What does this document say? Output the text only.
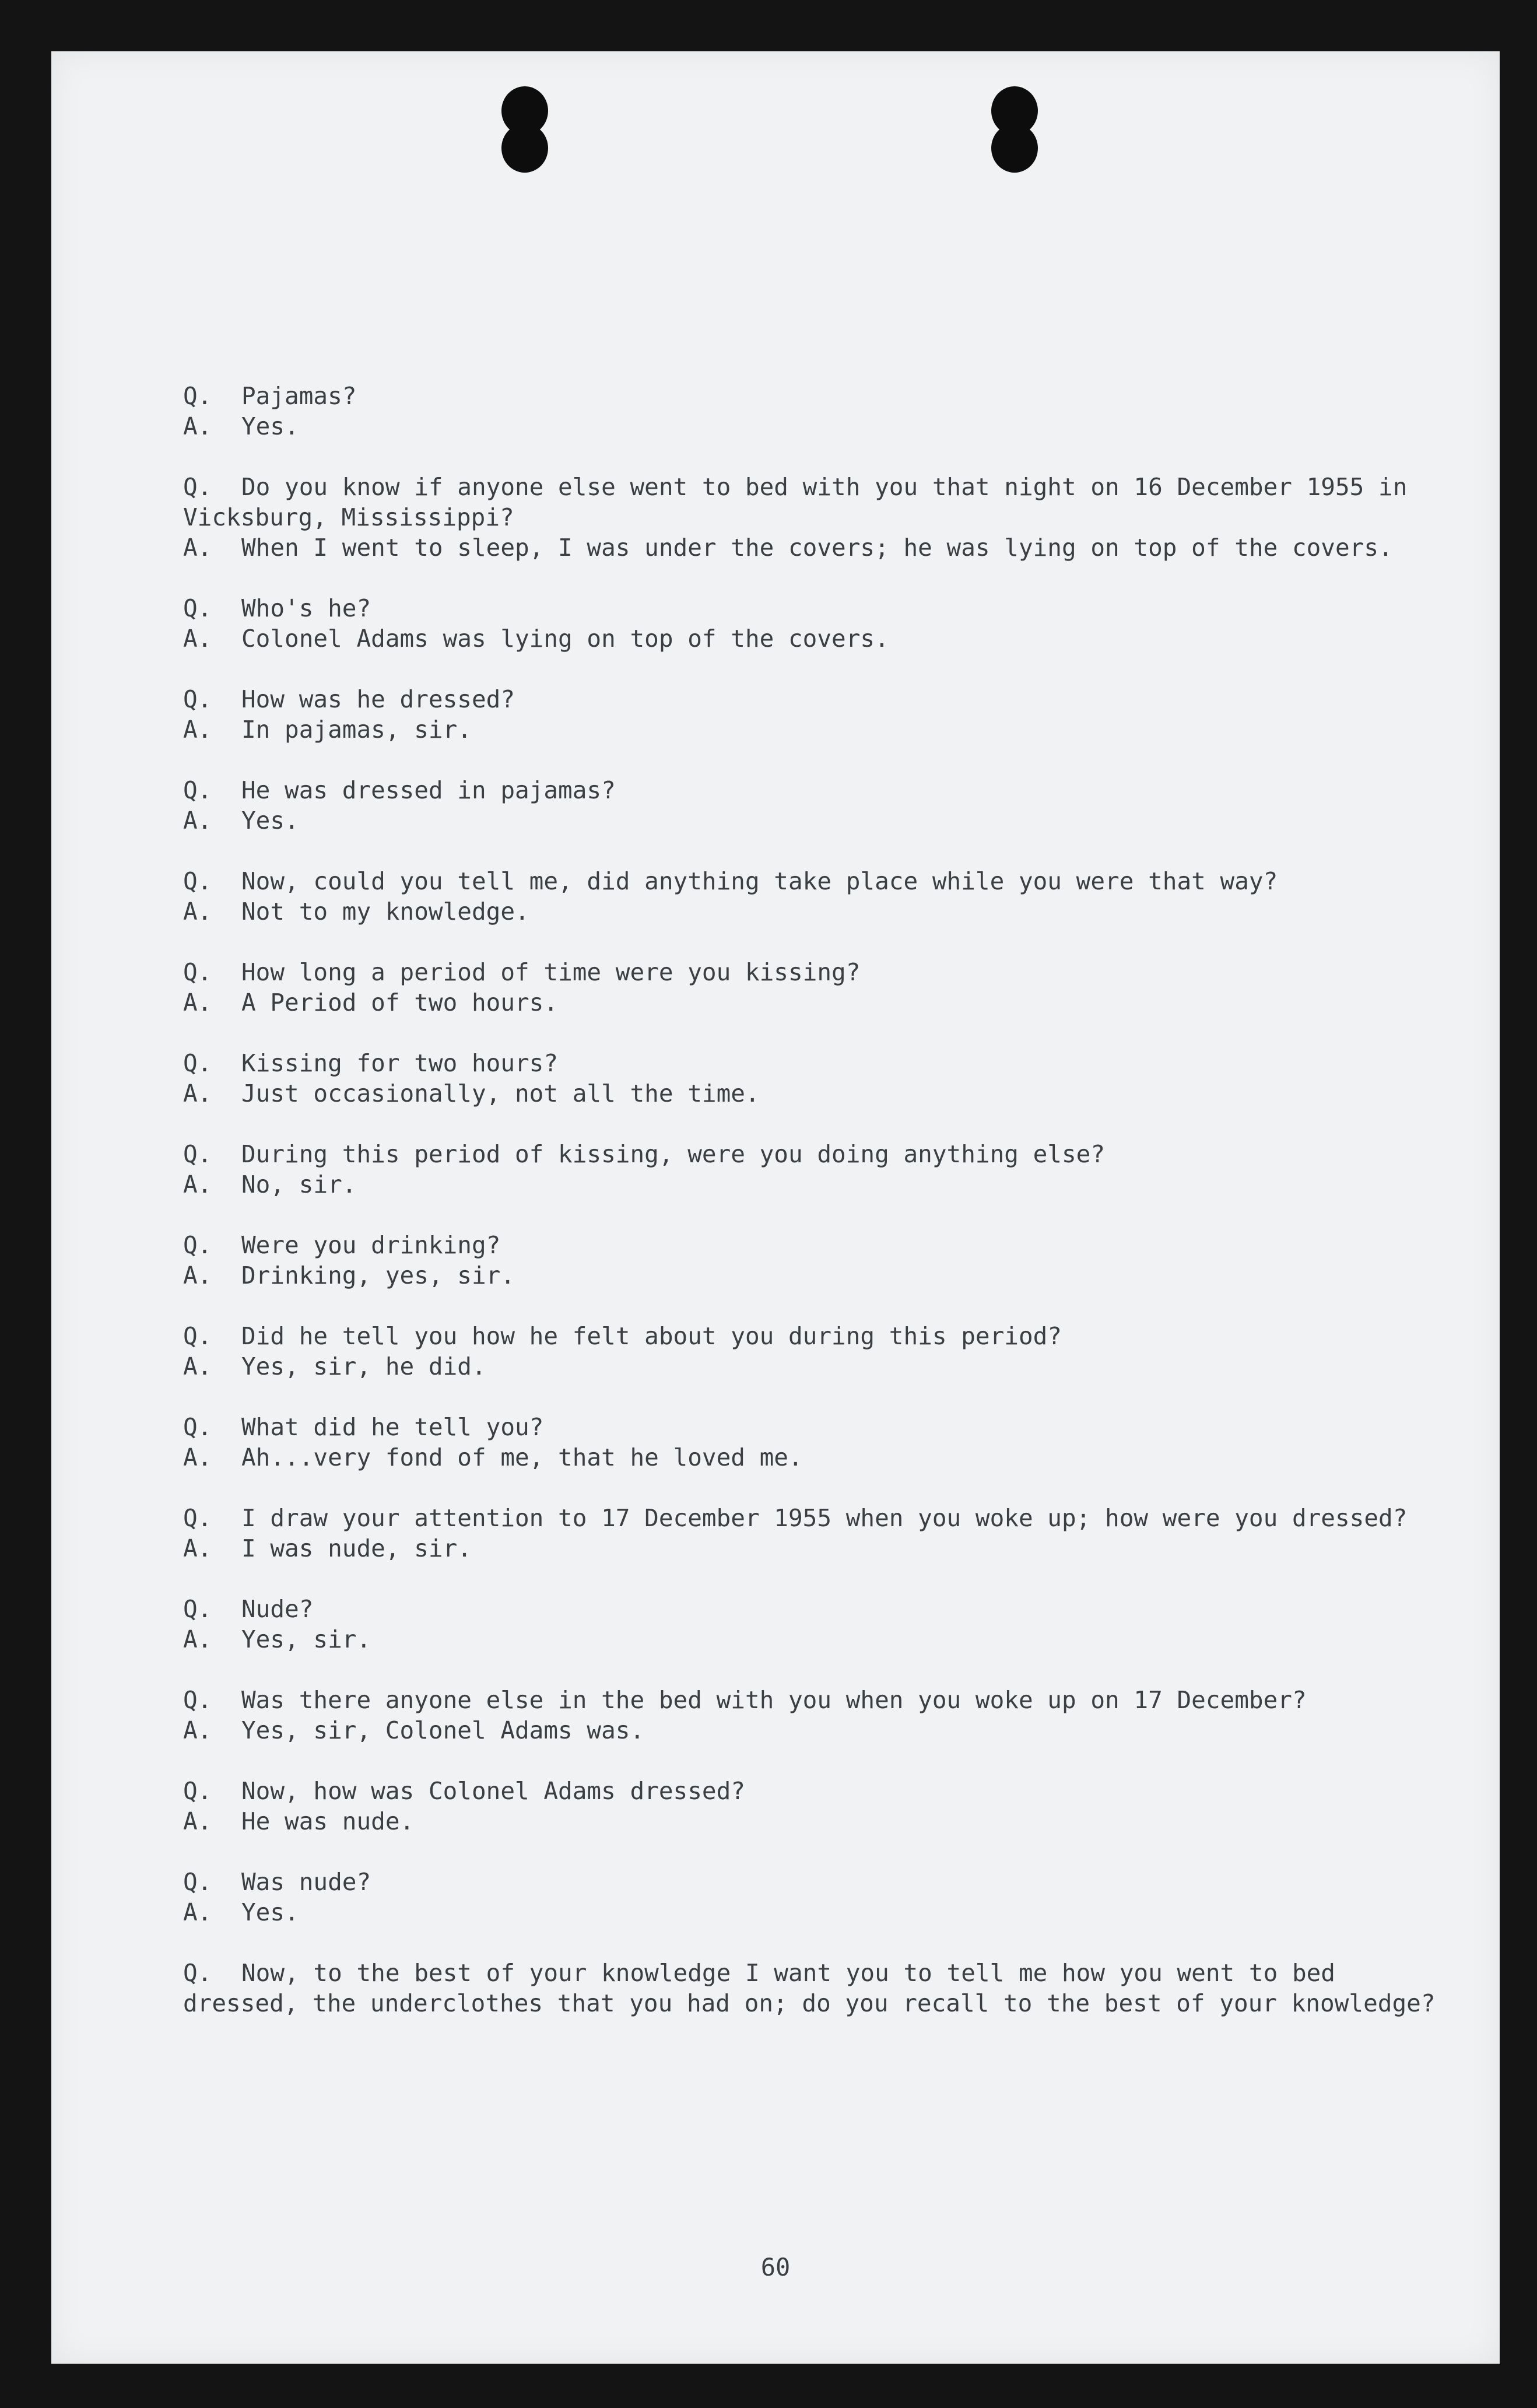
Q. Pajamas?
A. Yes.
Q. Do you know if anyone else went to bed with you that night on 16 December 1955 in Vicksburg, Mississippi?
A. When I went to sleep, I was under the covers; he was lying on top of the covers.
Q. Who's he?
A. Colonel Adams was lying on top of the covers.
Q. How was he dressed?
A. In pajamas, sir.
Q. He was dressed in pajamas?
A. Yes.
Q. Now, could you tell me, did anything take place while you were that way?
A. Not to my knowledge.
Q. How long a period of time were you kissing?
A. A Period of two hours.
Q. Kissing for two hours?
A. Just occasionally, not all the time.
Q. During this period of kissing, were you doing anything else?
A. No, sir.
Q. Were you drinking?
A. Drinking, yes, sir.
Q. Did he tell you how he felt about you during this period?
A. Yes, sir, he did.
Q. What did he tell you?
A. Ah...very fond of me, that he loved me.
Q. I draw your attention to 17 December 1955 when you woke up; how were you dressed?
A. I was nude, sir.
Q. Nude?
A. Yes, sir.
Q. Was there anyone else in the bed with you when you woke up on 17 December?
A. Yes, sir, Colonel Adams was.
Q. Now, how was Colonel Adams dressed?
A. He was nude.
Q. Was nude?
A. Yes.
Q. Now, to the best of your knowledge I want you to tell me how you went to bed dressed, the underclothes that you had on; do you recall to the best of your knowledge?
60
